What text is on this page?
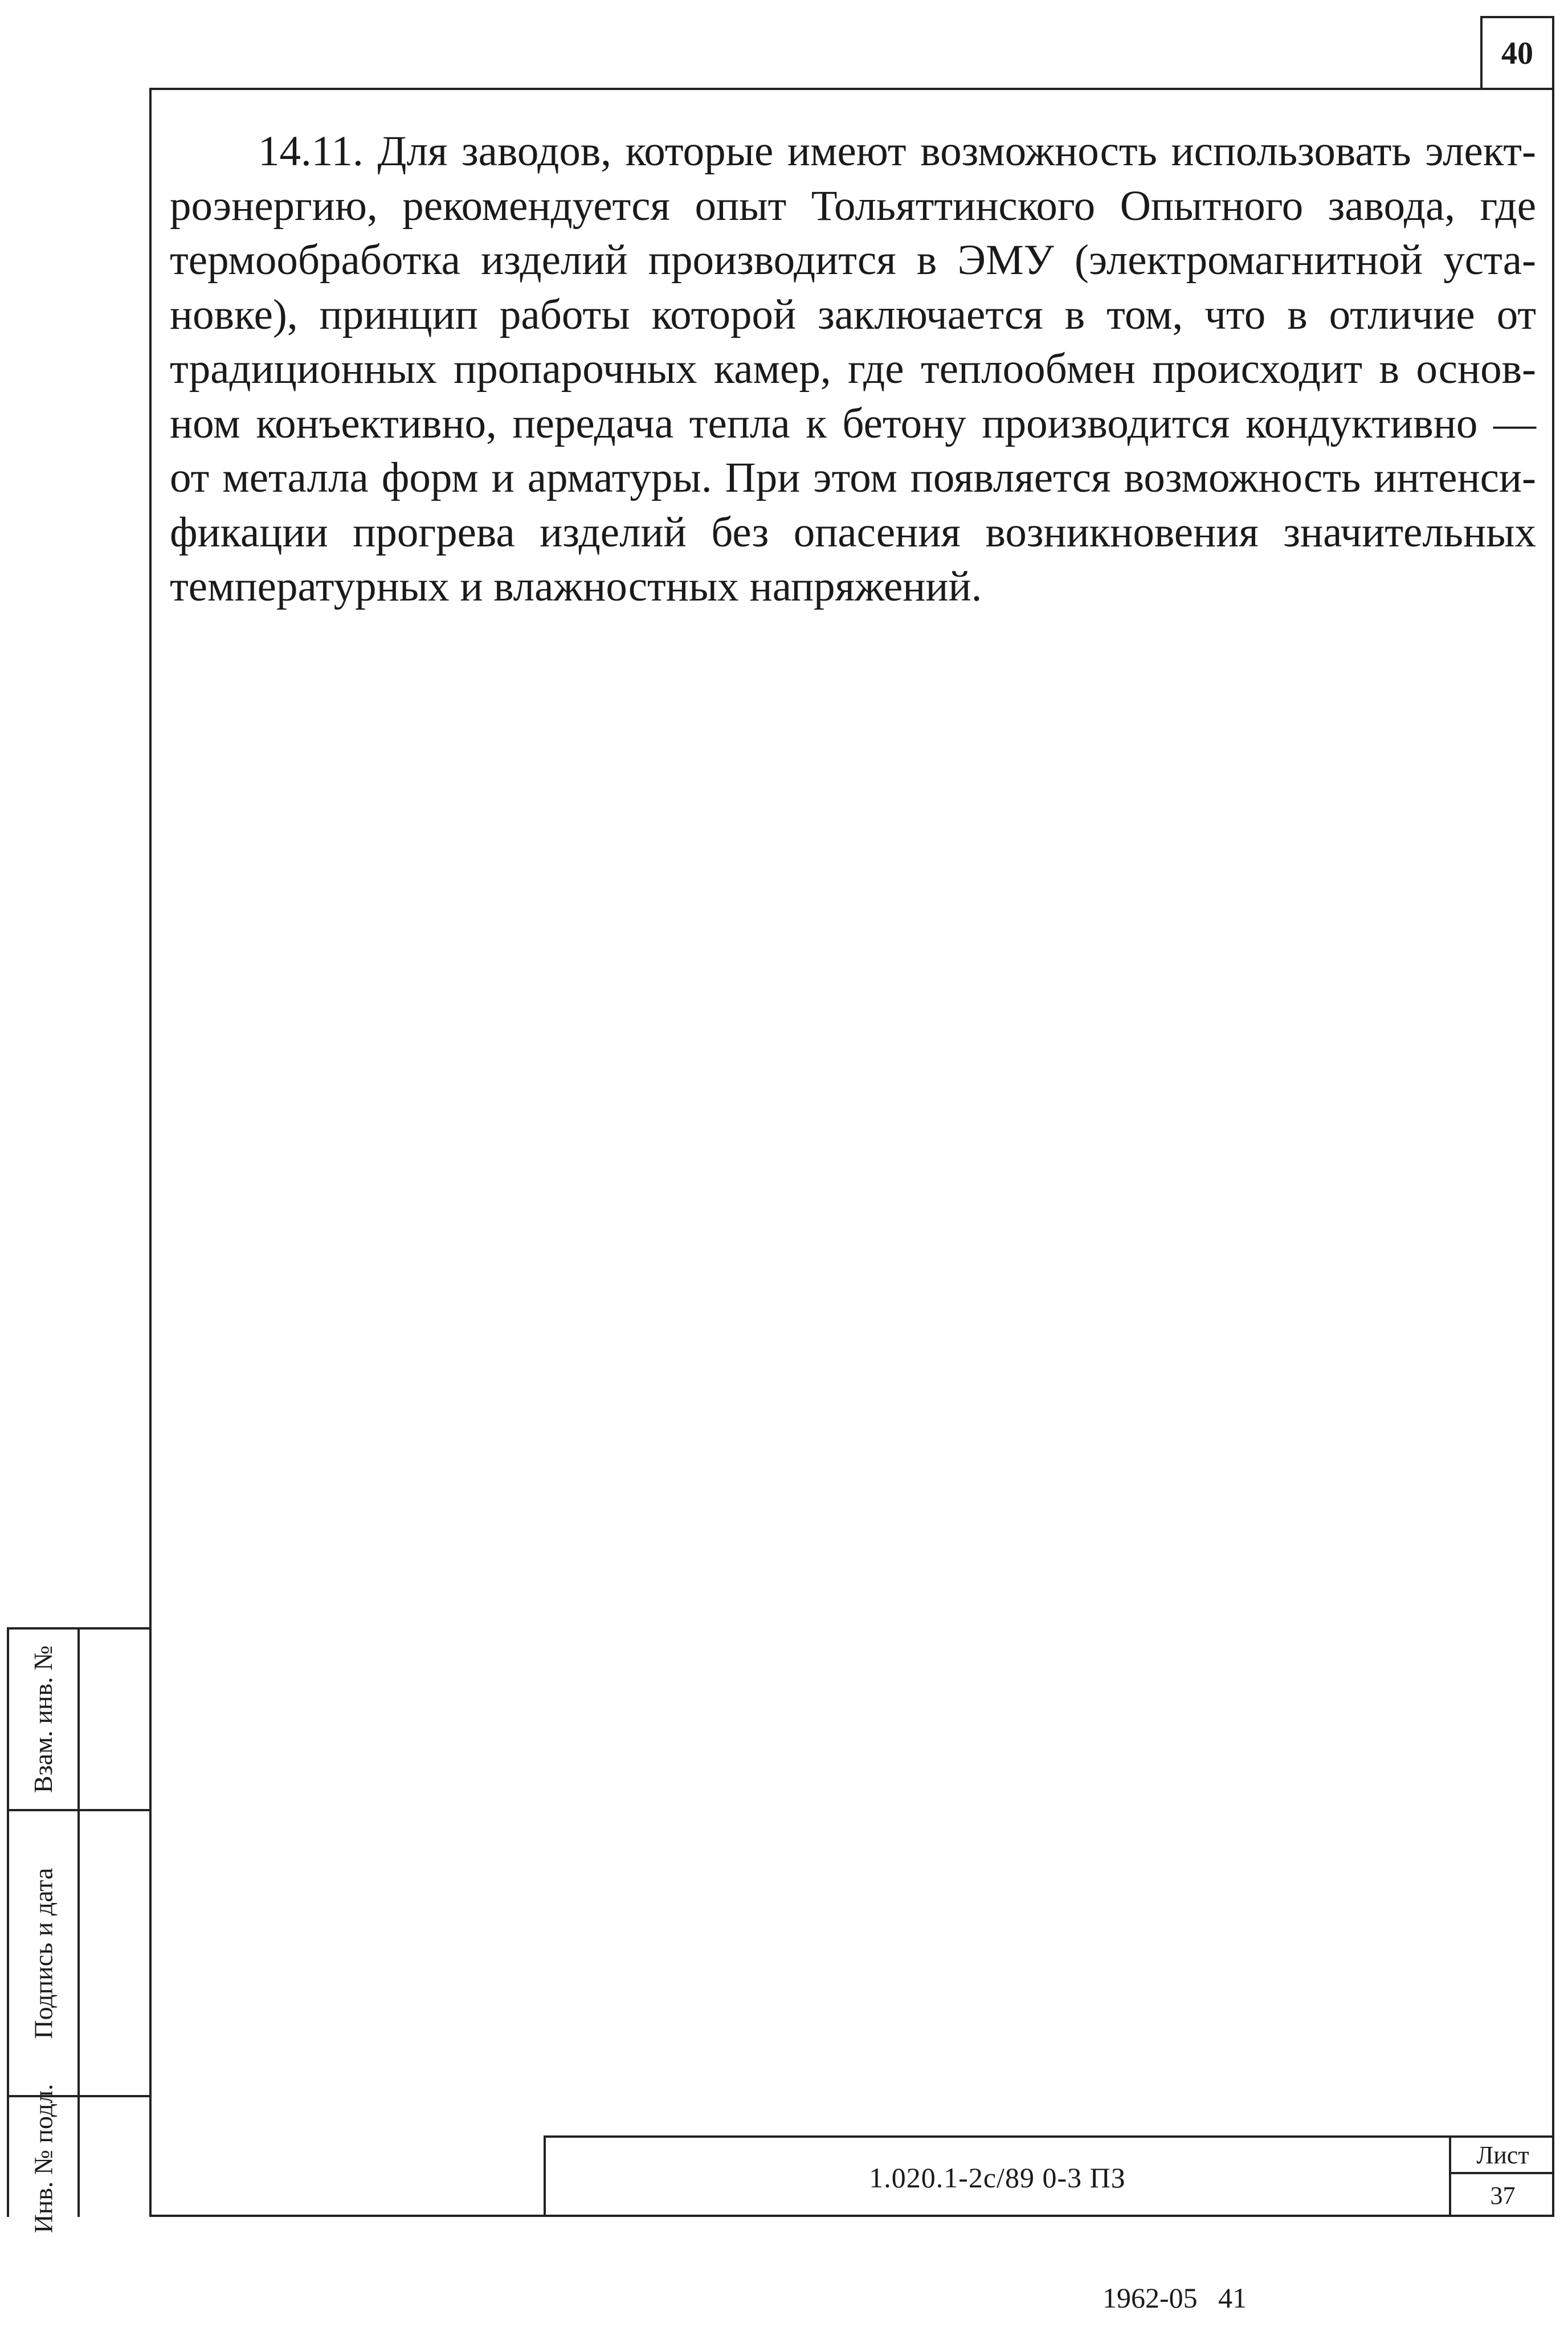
40

14.11. Для заводов, которые имеют возможность использовать элект-
роэнергию, рекомендуется опыт Тольяттинского Опытного завода, где
термообработка изделий производится в ЭМУ (электромагнитной уста-
новке), принцип работы которой заключается в том, что в отличие от
традиционных пропарочных камер, где теплообмен происходит в основ-
ном конъективно, передача тепла к бетону производится кондуктивно —
от металла форм и арматуры. При этом появляется возможность интенси-
фикации прогрева изделий без опасения возникновения значительных
температурных и влажностных напряжений.

Взам. инв. №
Подпись и дата
Инв. № подл.	1.020.1-2с/89 0-3 ПЗ
Лист
37
1962-05 41
